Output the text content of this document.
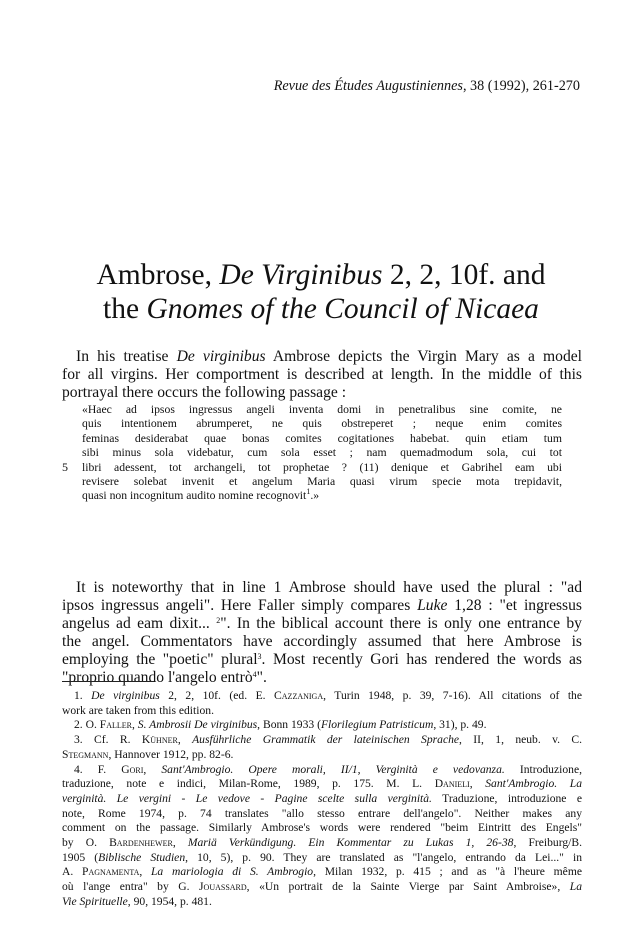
Revue des Études Augustiniennes, 38 (1992), 261-270
Ambrose, De Virginibus 2, 2, 10f. and
the Gnomes of the Council of Nicaea
In his treatise De virginibus Ambrose depicts the Virgin Mary as a model
for all virgins. Her comportment is described at length. In the middle of this
portrayal there occurs the following passage :
«Haec ad ipsos ingressus angeli inventa domi in penetralibus sine comite, ne
quis intentionem abrumperet, ne quis obstreperet ; neque enim comites
feminas desiderabat quae bonas comites cogitationes habebat. quin etiam tum
sibi minus sola videbatur, cum sola esset ; nam quemadmodum sola, cui tot
libri adessent, tot archangeli, tot prophetae ? (11) denique et Gabrihel eam ubi
revisere solebat invenit et angelum Maria quasi virum specie mota trepidavit,
quasi non incognitum audito nomine recognovit$^1$.»
5
It is noteworthy that in line 1 Ambrose should have used the plural : "ad
ipsos ingressus angeli". Here Faller simply compares Luke 1,28 : "et ingressus
angelus ad eam dixit... $^2$". In the biblical account there is only one entrance by
the angel. Commentators have accordingly assumed that here Ambrose is
employing the "poetic" plural$^3$. Most recently Gori has rendered the words as
"proprio quando l'angelo entrò$^4$".
1. De virginibus 2, 2, 10f. (ed. E. Cazzaniga, Turin 1948, p. 39, 7-16). All citations of the
work are taken from this edition.
2. O. Faller, S. Ambrosii De virginibus, Bonn 1933 (Florilegium Patristicum, 31), p. 49.
3. Cf. R. Kühner, Ausführliche Grammatik der lateinischen Sprache, II, 1, neub. v. C.
Stegmann, Hannover 1912, pp. 82-6.
4. F. Gori, Sant'Ambrogio. Opere morali, II/1, Verginità e vedovanza. Introduzione,
traduzione, note e indici, Milan-Rome, 1989, p. 175. M. L. Danieli, Sant'Ambrogio. La
verginità. Le vergini - Le vedove - Pagine scelte sulla verginità. Traduzione, introduzione e
note, Rome 1974, p. 74 translates "allo stesso entrare dell'angelo". Neither makes any
comment on the passage. Similarly Ambrose's words were rendered "beim Eintritt des Engels"
by O. Bardenhewer, Mariä Verkündigung. Ein Kommentar zu Lukas 1, 26-38, Freiburg/B.
1905 (Biblische Studien, 10, 5), p. 90. They are translated as "l'angelo, entrando da Lei..." in
A. Pagnamenta, La mariologia di S. Ambrogio, Milan 1932, p. 415 ; and as "à l'heure même
où l'ange entra" by G. Jouassard, «Un portrait de la Sainte Vierge par Saint Ambroise», La
Vie Spirituelle, 90, 1954, p. 481.
